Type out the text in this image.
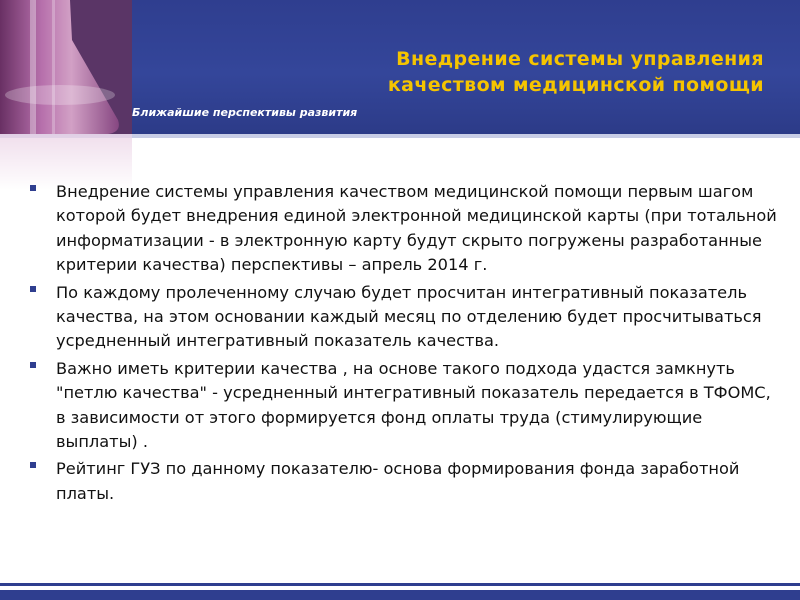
Внедрение системы управления
качеством медицинской помощи
Ближайшие перспективы развития
Внедрение системы управления качеством медицинской помощи первым шагом которой будет внедрения единой электронной медицинской карты (при тотальной информатизации - в электронную карту будут скрыто погружены разработанные критерии качества) перспективы – апрель 2014 г.
По каждому пролеченному случаю будет просчитан интегративный показатель качества, на этом основании каждый месяц по отделению будет просчитываться усредненный интегративный показатель качества.
Важно иметь критерии качества , на основе такого подхода удастся замкнуть "петлю качества" - усредненный интегративный показатель передается в ТФОМС, в зависимости от этого формируется фонд оплаты труда (стимулирующие выплаты) .
Рейтинг ГУЗ по данному показателю- основа формирования фонда заработной платы.
